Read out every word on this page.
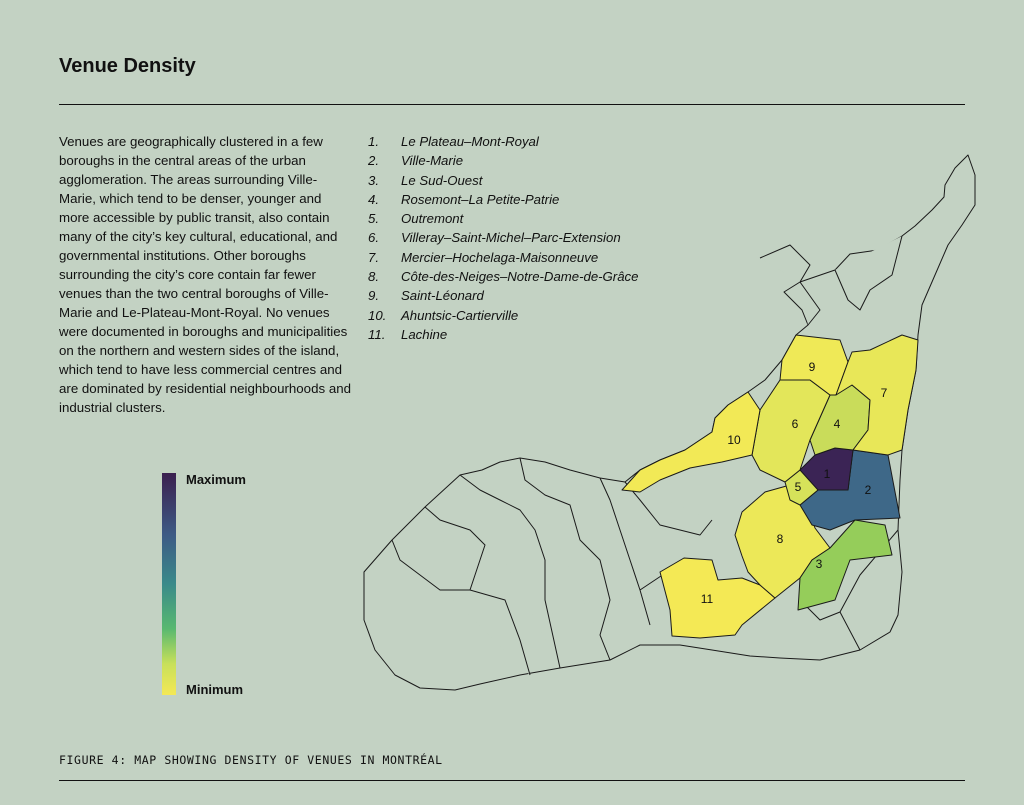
Venue Density

Venues are geographically clustered in a few boroughs in the central areas of the urban agglomeration. The areas surrounding Ville-Marie, which tend to be denser, younger and more accessible by public transit, also contain many of the city’s key cultural, educational, and governmental institutions. Other boroughs surrounding the city’s core contain far fewer venues than the two central boroughs of Ville-Marie and Le-Plateau-Mont-Royal. No venues were documented in boroughs and municipalities on the northern and western sides of the island, which tend to have less commercial centres and are dominated by residential neighbourhoods and industrial clusters.

1.	Le Plateau–Mont-Royal
2.	Ville-Marie
3.	Le Sud-Ouest
4.	Rosemont–La Petite-Patrie
5.	Outremont
6.	Villeray–Saint-Michel–Parc-Extension
7.	Mercier–Hochelaga-Maisonneuve
8.	Côte-des-Neiges–Notre-Dame-de-Grâce
9.	Saint-Léonard
10.	Ahuntsic-Cartierville
11.	Lachine
Maximum
Minimum
1
2
3
4
5
6
7
8
9
10
11

FIGURE 4: MAP SHOWING DENSITY OF VENUES IN MONTRÉAL
